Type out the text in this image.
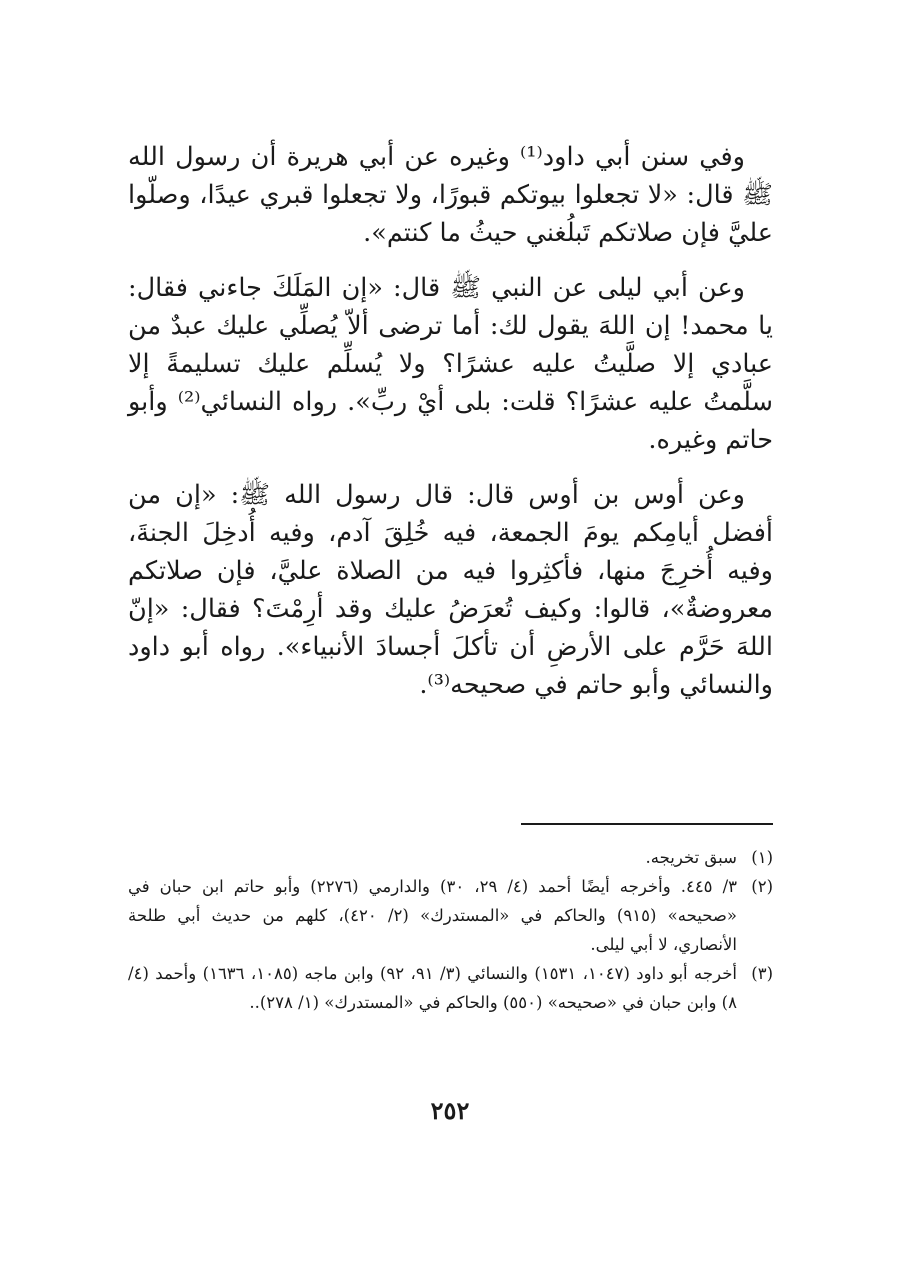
وفي سنن أبي داود⁽¹⁾ وغيره عن أبي هريرة أن رسول الله ﷺ قال: «لا تجعلوا بيوتكم قبورًا، ولا تجعلوا قبري عيدًا، وصلّوا عليَّ فإن صلاتكم تَبلُغني حيثُ ما كنتم».

وعن أبي ليلى عن النبي ﷺ قال: «إن المَلَكَ جاءني فقال: يا محمد! إن اللهَ يقول لك: أما ترضى ألاّ يُصلِّي عليك عبدٌ من عبادي إلا صلَّيتُ عليه عشرًا؟ ولا يُسلِّم عليك تسليمةً إلا سلَّمتُ عليه عشرًا؟ قلت: بلى أيْ ربِّ». رواه النسائي⁽²⁾ وأبو حاتم وغيره.

وعن أوس بن أوس قال: قال رسول الله ﷺ: «إن من أفضل أيامِكم يومَ الجمعة، فيه خُلِقَ آدم، وفيه أُدخِلَ الجنةَ، وفيه أُخرِجَ منها، فأكثِروا فيه من الصلاة عليَّ، فإن صلاتكم معروضةٌ»، قالوا: وكيف تُعرَضُ عليك وقد أرِمْتَ؟ فقال: «إنّ اللهَ حَرَّم على الأرضِ أن تأكلَ أجسادَ الأنبياء». رواه أبو داود والنسائي وأبو حاتم في صحيحه⁽³⁾.

(١)
سبق تخريجه.
(٢)
٣/ ٤٤٥. وأخرجه أيضًا أحمد (٤/ ٢٩، ٣٠) والدارمي (٢٢٧٦) وأبو حاتم ابن حبان في «صحيحه» (٩١٥) والحاكم في «المستدرك» (٢/ ٤٢٠)، كلهم من حديث أبي طلحة الأنصاري، لا أبي ليلى.
(٣)
أخرجه أبو داود (١٠٤٧، ١٥٣١) والنسائي (٣/ ٩١، ٩٢) وابن ماجه (١٠٨٥، ١٦٣٦) وأحمد (٤/ ٨) وابن حبان في «صحيحه» (٥٥٠) والحاكم في «المستدرك» (١/ ٢٧٨)..
٢٥٢
